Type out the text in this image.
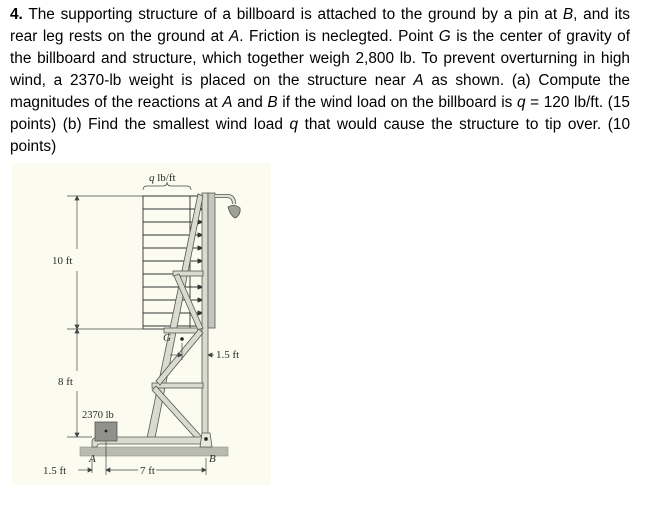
4. The supporting structure of a billboard is attached to the ground by a pin at B, and its rear leg rests on the ground at A. Friction is neclegted. Point G is the center of gravity of the billboard and structure, which together weigh 2,800 lb. To prevent overturning in high wind, a 2370-lb weight is placed on the structure near A as shown. (a) Compute the magnitudes of the reactions at A and B if the wind load on the billboard is q = 120 lb/ft. (15 points) (b) Find the smallest wind load q that would cause the structure to tip over. (10 points)
G
2370 lb
q lb/ft
10 ft
8 ft
1.5 ft
A	B
1.5 ft	7 ft
